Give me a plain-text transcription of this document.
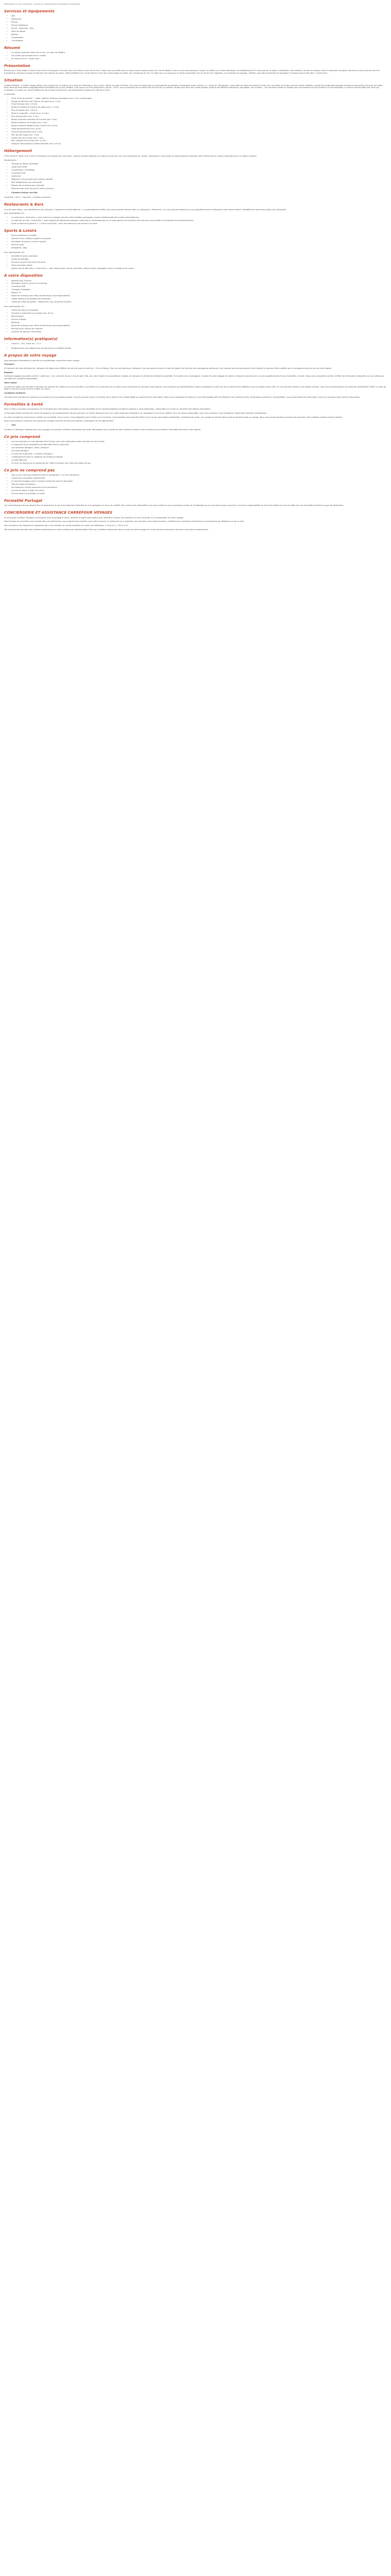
Description Ce prix comprend : Ce prix ne comprend pas Formalités Conseiguerie

Services et équipements
• Wifi
• Restaurant
• Piscine
• Piscine extérieure
• Sauna - Hammam - Spa
• Salle de fitness
• Minibar
• Climatisation
• Conciergerie
Résumé
• Le refuge suspendu entre ciel et mer, au cœur de Madère
• Les plaisirs gourmands face à l'océan
• Se ressourcer et « Ocean Spa »
Présentation

Bienvenue à l'Pina Prade 5* Adult Only à Sé du Chavaguez ! Perché à flanc de falaise, entre ciel et mer, l'hôtel vous accueille dans un cadre naturel spectaculaire sur l'île de Madère. Avec sa vue panoramique à couper le souffle sur l'océan Atlantique, cet établissement 5* vous promet un séjour inoubliable, entre détente, confort et évasion. Situé à seulement quelques minutes du centre de Funchal et à proximité du charmant village de pêcheurs de Camara de Lobos, l'hôtel bénéficie d'un accès direct à l'une des riches plages de sable noir volcanique de l'île. Un hôtel pour se ressourcer en toute tranquillité, loin du bruit et de l'agitation, où la beauté du paysage, raffinée, vous fait parenthèse de relaxation à l'espace Spa et bien-être « Ocean Spa ».

Situation

Capitale Madère : à l'hôtel Vuisge (hôtes) vous conduit par la chaleur et la brise de l'Atlantique, vous y êtes ! Niché au large du Maroc, l'île vous accueille dans une atmosphère printanière et apaisante toute l'année. Le « jardin de l'Atlantique » vous offre une flore luxuriante et toute une vie même au fil des mois de l'année. Madère, paradis de randonnées plongés et piscines naturelles le long de ses côtes dont celles de Porto Moniz magnifiquement travaillées par la lave. Madère, c'est aussi une riche patrimoine culturel : riche : vous surprendra par la vieille ville de Funchal, la capitale. Perdez-vous dans ses ruelles pavées, admirez ses édifices historiques, ses églises, ses musées… Les marchés animés et colorés pour son ambiance et ses produits à la fois exotiques. Le centre ville est idéal pour faire vos emplettes. Le climat sur l'île de Madère est doux toute l'année avec une température moyenne en été et en hiver.

À proximité :

• Praia "Praia do Areeiro " - sable / galets (d'origine volcanique) (env. 20 m, promenade)
• Village de pêcheurs de Camara de Lobos (env. 1 km)
• Praia Formosa (env. 3,3 km)
• Jardins du Palais de Camara de Lobos (env. 2,7 km)
• Pico de Sigaro (env. 2,8 km)
• Pinha & Corgo/Rui - Centre (env. 3,2 km)
• Pico dos Barcelos (env. 5 km)
• Musée d'histoire naturelle de Funchal (env. 5 km)
• Musée Frederico de Freitas (env. 5 km)
• Musée d'histoire Madère Story Centre (env. 6 km)
• Plage Komoredi Box (env. 6 km)
• Funchal Top Mountain (env. 6 km)
• Parc de São Tiago (env. 7 km)
• Centre-ville de Funchal (env. 7 km)
• Parc national de Funchal (env. 12 km)
• Aéroport International Cristiano Ronaldo (env. 29 km)
Hébergement

L'Pina Prade 5* Adult Only à Sé du Chavaguez se compose de 128 suites. Chaque chambre dispose d'un balcon privé avec une vue imprenable sur l'océan. Spacieuses, lumineuses et soigneusement décorées, elles offrent tout le confort nécessaire pour un séjour relaxant.

Équipements :

• Terrasse ou balcon aménagé
• Large baie vitrée
• Climatisation / chauffage
• Connexion Wifi
• Coffre-fort
• Télévision à écran plat avec chaînes satellite
• Mini-réfrigérateur (sur demande)
• Plateau de courtoisie avec thé/café
• Salle de bains avec douche et sèche-cheveux
• Chambre Deluxe vue Mer

Superficie : 28 m² · Capacité : 2 adultes maximum

Restaurants & Bars

Lors de votre séjour, vous bénéficierez de la formule « Logement et petit déjeuner ». Le petit-déjeuner buffet vous sera proposé chaque matin au restaurant « Panorama » où vous pourrez apprécier la vue magnifique tout en dégustant votre repas matinal. Possibilité de repas avec gluten (sur demande).

Avec participation (€) :

• Le restaurant « Panorama » vous invite à un voyage culinaire entre tradition portugaise, cuisine méditerranéenne et plats internationaux.
• Le petit bar du hall « Sunset Bar » vous propose de délicieuses boissons nationales et internationales et un large gamme de cocktails. Vous pourrez aussi profiter du programme de divertissement.
• Situé au bord de la piscine, l' « Ocean Snack Bar » vous fera découvrir son service à la carte.
Sports & Loisirs
• Piscine extérieure chauffée
• Solarium avec chaises longues et parasols
• Serviettes de piscine (contre caution)
• Salle de sport
• Navigation, yoga

Avec participation (€) :

• Activités et sports nautiques
• Centre de plongée
• Parcours de golf Club Santo Da Serra
• Tennis de table, billard
• Espace Spa et bien-être « Ocean Spa » : bain bouillonnant, sauna, hammam, salle de soins (massages, soins du visage et du corps)
À votre disposition
• Navette pour Funchal
• Réception 24h/24, accueil & concierge
• Connexion Wifi
• Consigne à bagages
• Espace TV
• Borne de recharge pour véhicule électrique (sous disponibilité)
• Objets spéciaux accessibles par ascenseur
• Cartes de crédit acceptées : Mastercard, Visa, American Express

Avec participation (€) :

• Coffre-fort (dans la chambre)
• Transfert à proximité sur la plage (env. 30 m)
• Blanchisserie
• Service d'étage
• Boutique
• Borne de recharge pour véhicule électrique (sous disponibilité)
• Parking privé, service de voiturier
• Location de voitures, bicyclettes
Information(s) pratique(s)
• Check in : 15h, check out : 11 h
• Établissement non adapté pour les personnes à mobilité réduite.
À propos de votre voyage

Vous quelques informations à prendre en considération concernant votre voyage.

Transport

En fonction des vols sélectionnés, l'aéroport de départ peut différer de celui de votre arrivée (ex : Orly et Roissy). Pour les vols spéciaux, l'aéroport n'est pas garanti jusqu'à la date de départ (en fonction des compagnies aériennes). Les horaires sont communiqués à titre indicatif et peuvent être modifiés par la compagnie jusqu'au jour de votre départ.

Bagages

Certaines bagages envoyées comme « petit taux » (ex : planche de surf, club de golf, vélo, etc.) font l'objet d'un supplément à régler au transport et démarche fortement conseillée. En fonction de la compagnie, l'origine de votre bagage de cabine, l'aéroport peut facturer un coût supplémentaire lié aux formalités. Conseil : Nous vous conseillons de bien vérifier les informations indiquées sur vos billets pour connaître les conditions applicables.

Votre séjour

La durée du séjour est calculée en fonction du nombre de nuitées et non de journées. La première et la dernière jour du séjour sont consacrées au transport international. Les chambres sont généralement mises à disposition à partir de 14h et doivent être libérées le jour du départ avant midi. En cas d'arrivée tardive ou de départ matinal, nous vous recommandons de contacter directement l'hôtel. La taxe de séjour n'est pas incluse et sera à régler sur place.

Conditions tarifaires

Les tarifs sont calculés par personne sur la base d'une occupation double. Les prix peuvent varier en fonction de la date et de la disponibilité au moment de la réservation. Nous vous conseillons de réserver le plus tôt possible afin de bénéficier des meilleurs tarifs. Informations relatives à l'accessibilité : pour toute demande particulière, merci de contacter notre service réservation.

Formalités & Santé

Nous invitons à prendre connaissance de l'ensemble des informations suivantes sur les formalités et les recommandations sanitaires relatives à votre destination, disponibles sur le site du ministère des Affaires étrangères.

La Portugal faisant membre de l'Union Européenne, les ressortissants français peuvent s'y rendre librement avec une carte nationale d'identité ou un passeport en cours de validité. Pour les autres nationalités, nous vous invitons à vous renseigner auprès des autorités compétentes.

La carte européenne d'assurance maladie est conseillée. Aucun vaccin n'est obligatoire pour entrer sur le territoire. Il est toutefois recommandé d'être à jour de ses vaccinations habituelles. Conditions de santé : les voyageurs doivent être en bonne santé et apte au voyage. Nous vous recommandons vivement de consulter votre médecin traitant avant le départ.

Nous vous invitons à souscrire une assurance voyage couvrant les frais d'annulation, d'assistance et de rapatriement.

• Visa

Le séjour à l'étranger implique pour tout voyageur de prendre certaines précautions de santé. Renseignez-vous auprès de votre médecin traitant et des centres de vaccinations internationales avant votre départ.

Ce prix comprend
• Les vols spéciaux ou vols réguliers de la France vers votre destination selon les dates et vols choisis
• Le logement et les prestations mentionnées dans le descriptif
• Les transferts aéroport / hôtel / aéroport
• Les taxes aéroport
• La carte de la garantie « Carrefour Voyages »
• L'hébergement selon la catégorie de chambre indiquée
• Le petit-déjeuner
• Le dîner de bienvenue au restaurant de l'hôtel le premier soir (selon les dates de vol)
Ce prix ne comprend pas
• Tout ce qui n'est pas mentionné dans le paragraphe « Ce prix comprend »
• L'assurance annulation (optionnelle)
• La franchise bagage (soit le nombre mentionné dans le descriptif)
• Tous les repas et boissons
• Les dépenses d'ordre personnel et les pourboires
• La taxe de séjour à régler sur place
• Les excursions et activités sur place
Formalité Portugal

Les ressortissants français doivent être en possession d'une carte nationale d'identité ou d'un passeport en cours de validité. Pour toute autre nationalité, nous vous invitons à vous renseigner auprès de l'ambassade ou du consulat du pays concerné. Il est de la responsabilité du client de vérifier qu'il est en règle avec les formalités d'entrée du pays de destination.

CONCIERGERIE ET ASSISTANCE CARREFOUR VOYAGES

Le concierge Carrefour Voyages Conciergerie vous accompagne avant, pendant et après votre séjour pour répondre à toutes vos questions et vous conseiller sur la préparation de votre voyage.

Notre équipe de conseillers vous assiste dans vos démarches, vous propose des activités, vous aide à trouver un restaurant ou à organiser une excursion. Pour toute question, n'hésitez pas à contacter directement la conciergerie par téléphone ou par e-mail.

Nos conseillers sont également disponibles pour vous assister en cas de problème sur place, par téléphone, 7 jours sur 7, 24h sur 24.

Vos données personnelles sont traitées conformément à notre politique de confidentialité. Elles sont utilisées uniquement dans le cadre de votre voyage et ne sont jamais transmises à des tiers sans votre consentement.
